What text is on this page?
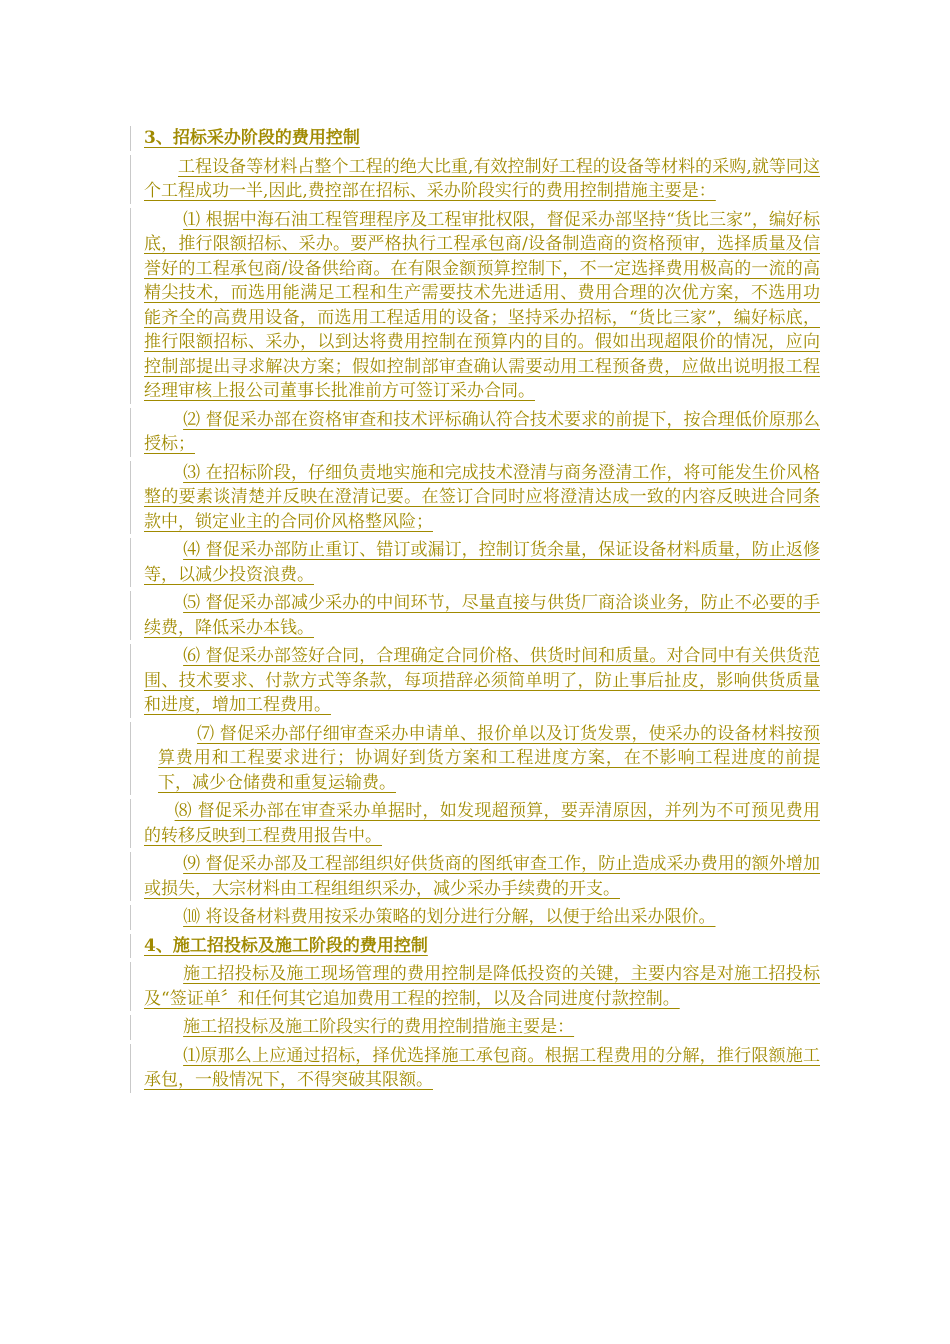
3、招标采办阶段的费用控制

工程设备等材料占整个工程的绝大比重,有效控制好工程的设备等材料的采购,就等同这个工程成功一半,因此,费控部在招标、采办阶段实行的费用控制措施主要是：

⑴ 根据中海石油工程管理程序及工程审批权限，督促采办部坚持“货比三家”，编好标底，推行限额招标、采办。要严格执行工程承包商/设备制造商的资格预审，选择质量及信誉好的工程承包商/设备供给商。在有限金额预算控制下，不一定选择费用极高的一流的高精尖技术，而选用能满足工程和生产需要技术先进适用、费用合理的次优方案，不选用功能齐全的高费用设备，而选用工程适用的设备；坚持采办招标，“货比三家”，编好标底，推行限额招标、采办，以到达将费用控制在预算内的目的。假如出现超限价的情况，应向控制部提出寻求解决方案；假如控制部审查确认需要动用工程预备费，应做出说明报工程经理审核上报公司董事长批准前方可签订采办合同。

⑵ 督促采办部在资格审查和技术评标确认符合技术要求的前提下，按合理低价原那么授标；

⑶ 在招标阶段，仔细负责地实施和完成技术澄清与商务澄清工作，将可能发生价风格整的要素谈清楚并反映在澄清记要。在签订合同时应将澄清达成一致的内容反映进合同条款中，锁定业主的合同价风格整风险；

⑷ 督促采办部防止重订、错订或漏订，控制订货余量，保证设备材料质量，防止返修等，以减少投资浪费。

⑸ 督促采办部减少采办的中间环节，尽量直接与供货厂商洽谈业务，防止不必要的手续费，降低采办本钱。

⑹ 督促采办部签好合同，合理确定合同价格、供货时间和质量。对合同中有关供货范围、技术要求、付款方式等条款，每项措辞必须简单明了，防止事后扯皮，影响供货质量和进度，增加工程费用。

⑺ 督促采办部仔细审查采办申请单、报价单以及订货发票，使采办的设备材料按预算费用和工程要求进行；协调好到货方案和工程进度方案，在不影响工程进度的前提下，减少仓储费和重复运输费。

⑻ 督促采办部在审查采办单据时，如发现超预算，要弄清原因，并列为不可预见费用的转移反映到工程费用报告中。

⑼ 督促采办部及工程部组织好供货商的图纸审查工作，防止造成采办费用的额外增加或损失，大宗材料由工程组组织采办，减少采办手续费的开支。

⑽ 将设备材料费用按采办策略的划分进行分解，以便于给出采办限价。

4、施工招投标及施工阶段的费用控制

施工招投标及施工现场管理的费用控制是降低投资的关键，主要内容是对施工招投标及“签证单〞和任何其它追加费用工程的控制，以及合同进度付款控制。

施工招投标及施工阶段实行的费用控制措施主要是：

⑴原那么上应通过招标，择优选择施工承包商。根据工程费用的分解，推行限额施工承包，一般情况下，不得突破其限额。
